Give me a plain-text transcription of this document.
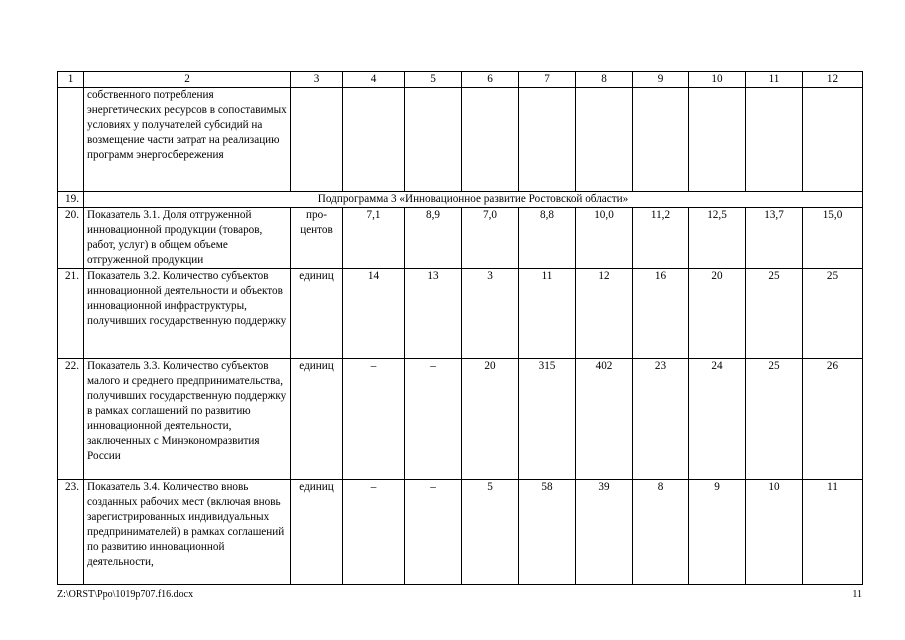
1	2	3	4	5	6	7	8	9	10	11	12
	собственного потребления энергетических ресурсов в сопоставимых условиях у получателей субсидий на возмещение части затрат на реализацию программ энергосбережения										
19.	Подпрограмма 3 «Инновационное развитие Ростовской области»										
20.	Показатель 3.1. Доля отгруженной инновационной продукции (товаров, работ, услуг) в общем объеме отгруженной продукции	про-центов	7,1	8,9	7,0	8,8	10,0	11,2	12,5	13,7	15,0
21.	Показатель 3.2. Количество субъектов инновационной деятельности и объектов инновационной инфраструктуры, получивших государственную поддержку	единиц	14	13	3	11	12	16	20	25	25
22.	Показатель 3.3. Количество субъектов малого и среднего предпринимательства, получивших государственную поддержку в рамках соглашений по развитию инновационной деятельности, заключенных с Минэкономразвития России	единиц	–	–	20	315	402	23	24	25	26
23.	Показатель 3.4. Количество вновь созданных рабочих мест (включая вновь зарегистрированных индивидуальных предпринимателей) в рамках соглашений по развитию инновационной деятельности,	единиц	–	–	5	58	39	8	9	10	11
Z:\ORST\Ppo\1019p707.f16.docx	11
